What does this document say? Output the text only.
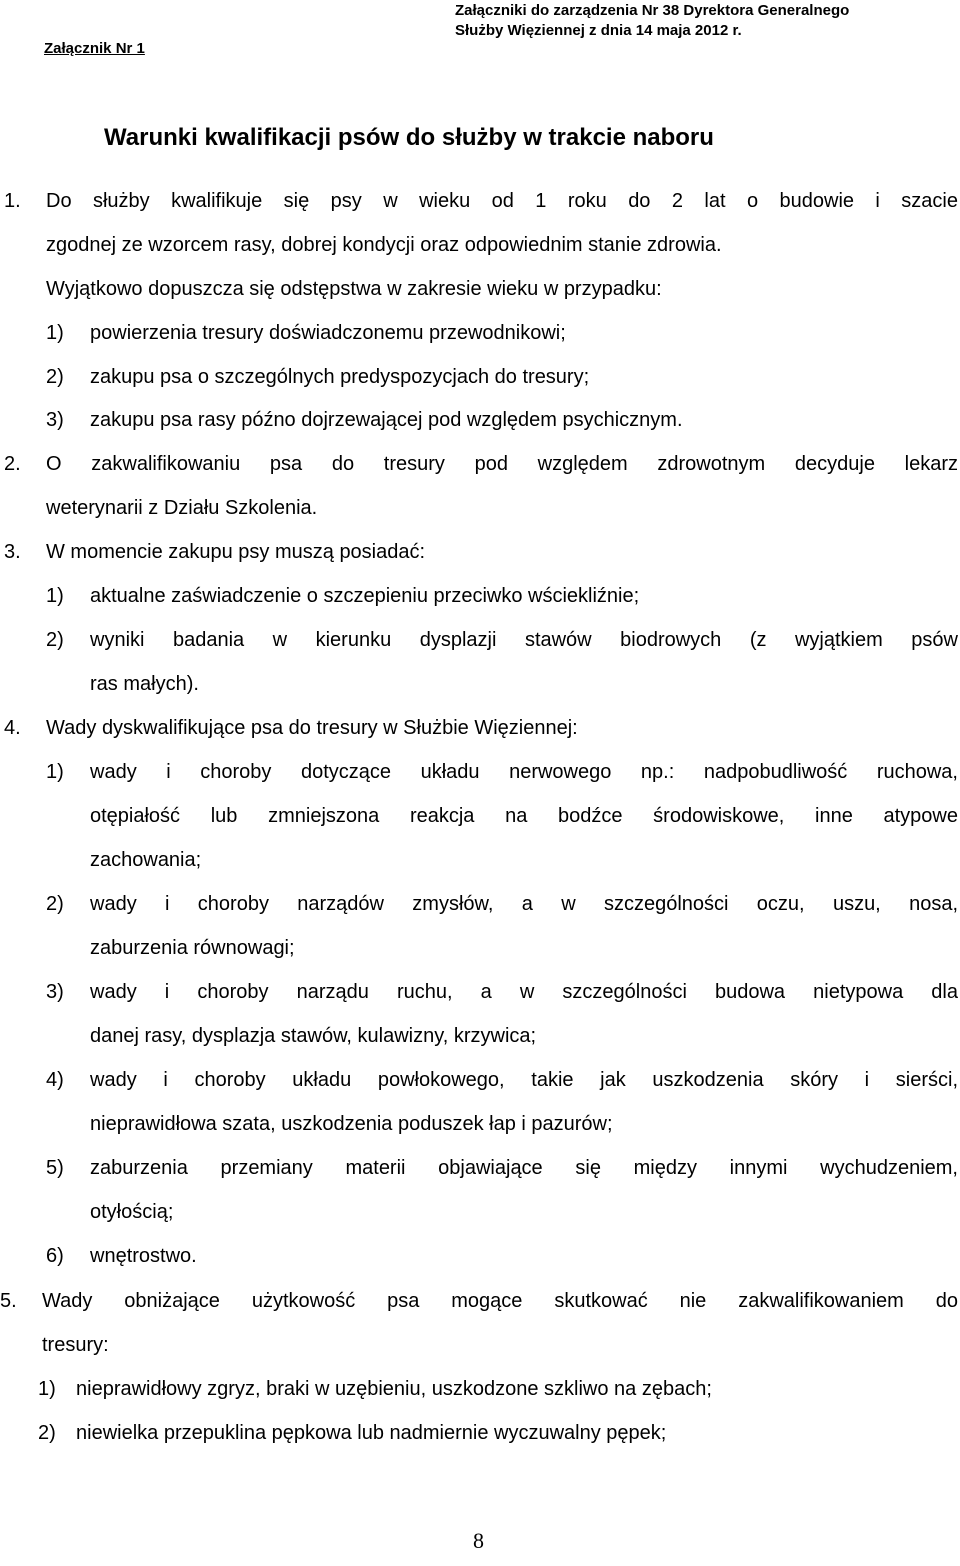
Załącznik Nr 1
Załączniki do zarządzenia Nr 38 Dyrektora Generalnego
Służby Więziennej z dnia 14 maja 2012 r.
Warunki kwalifikacji psów do służby w trakcie naboru
1. Do służby kwalifikuje się psy w wieku od 1 roku do 2 lat o budowie i szacie
zgodnej ze wzorcem rasy, dobrej kondycji oraz odpowiednim stanie zdrowia.
Wyjątkowo dopuszcza się odstępstwa w zakresie wieku w przypadku:
1) powierzenia tresury doświadczonemu przewodnikowi;
2) zakupu psa o szczególnych predyspozycjach do tresury;
3) zakupu psa rasy późno dojrzewającej pod względem psychicznym.
2. O zakwalifikowaniu psa do tresury pod względem zdrowotnym decyduje lekarz
weterynarii z Działu Szkolenia.
3. W momencie zakupu psy muszą posiadać:
1) aktualne zaświadczenie o szczepieniu przeciwko wściekliźnie;
2) wyniki badania w kierunku dysplazji stawów biodrowych (z wyjątkiem psów
ras małych).
4. Wady dyskwalifikujące psa do tresury w Służbie Więziennej:
1) wady i choroby dotyczące układu nerwowego np.: nadpobudliwość ruchowa,
otępiałość lub zmniejszona reakcja na bodźce środowiskowe, inne atypowe
zachowania;
2) wady i choroby narządów zmysłów, a w szczególności oczu, uszu, nosa,
zaburzenia równowagi;
3) wady i choroby narządu ruchu, a w szczególności budowa nietypowa dla
danej rasy, dysplazja stawów, kulawizny, krzywica;
4) wady i choroby układu powłokowego, takie jak uszkodzenia skóry i sierści,
nieprawidłowa szata, uszkodzenia poduszek łap i pazurów;
5) zaburzenia przemiany materii objawiające się między innymi wychudzeniem,
otyłością;
6) wnętrostwo.
5. Wady obniżające użytkowość psa mogące skutkować nie zakwalifikowaniem do
tresury:
1) nieprawidłowy zgryz, braki w uzębieniu, uszkodzone szkliwo na zębach;
2) niewielka przepuklina pępkowa lub nadmiernie wyczuwalny pępek;
8
